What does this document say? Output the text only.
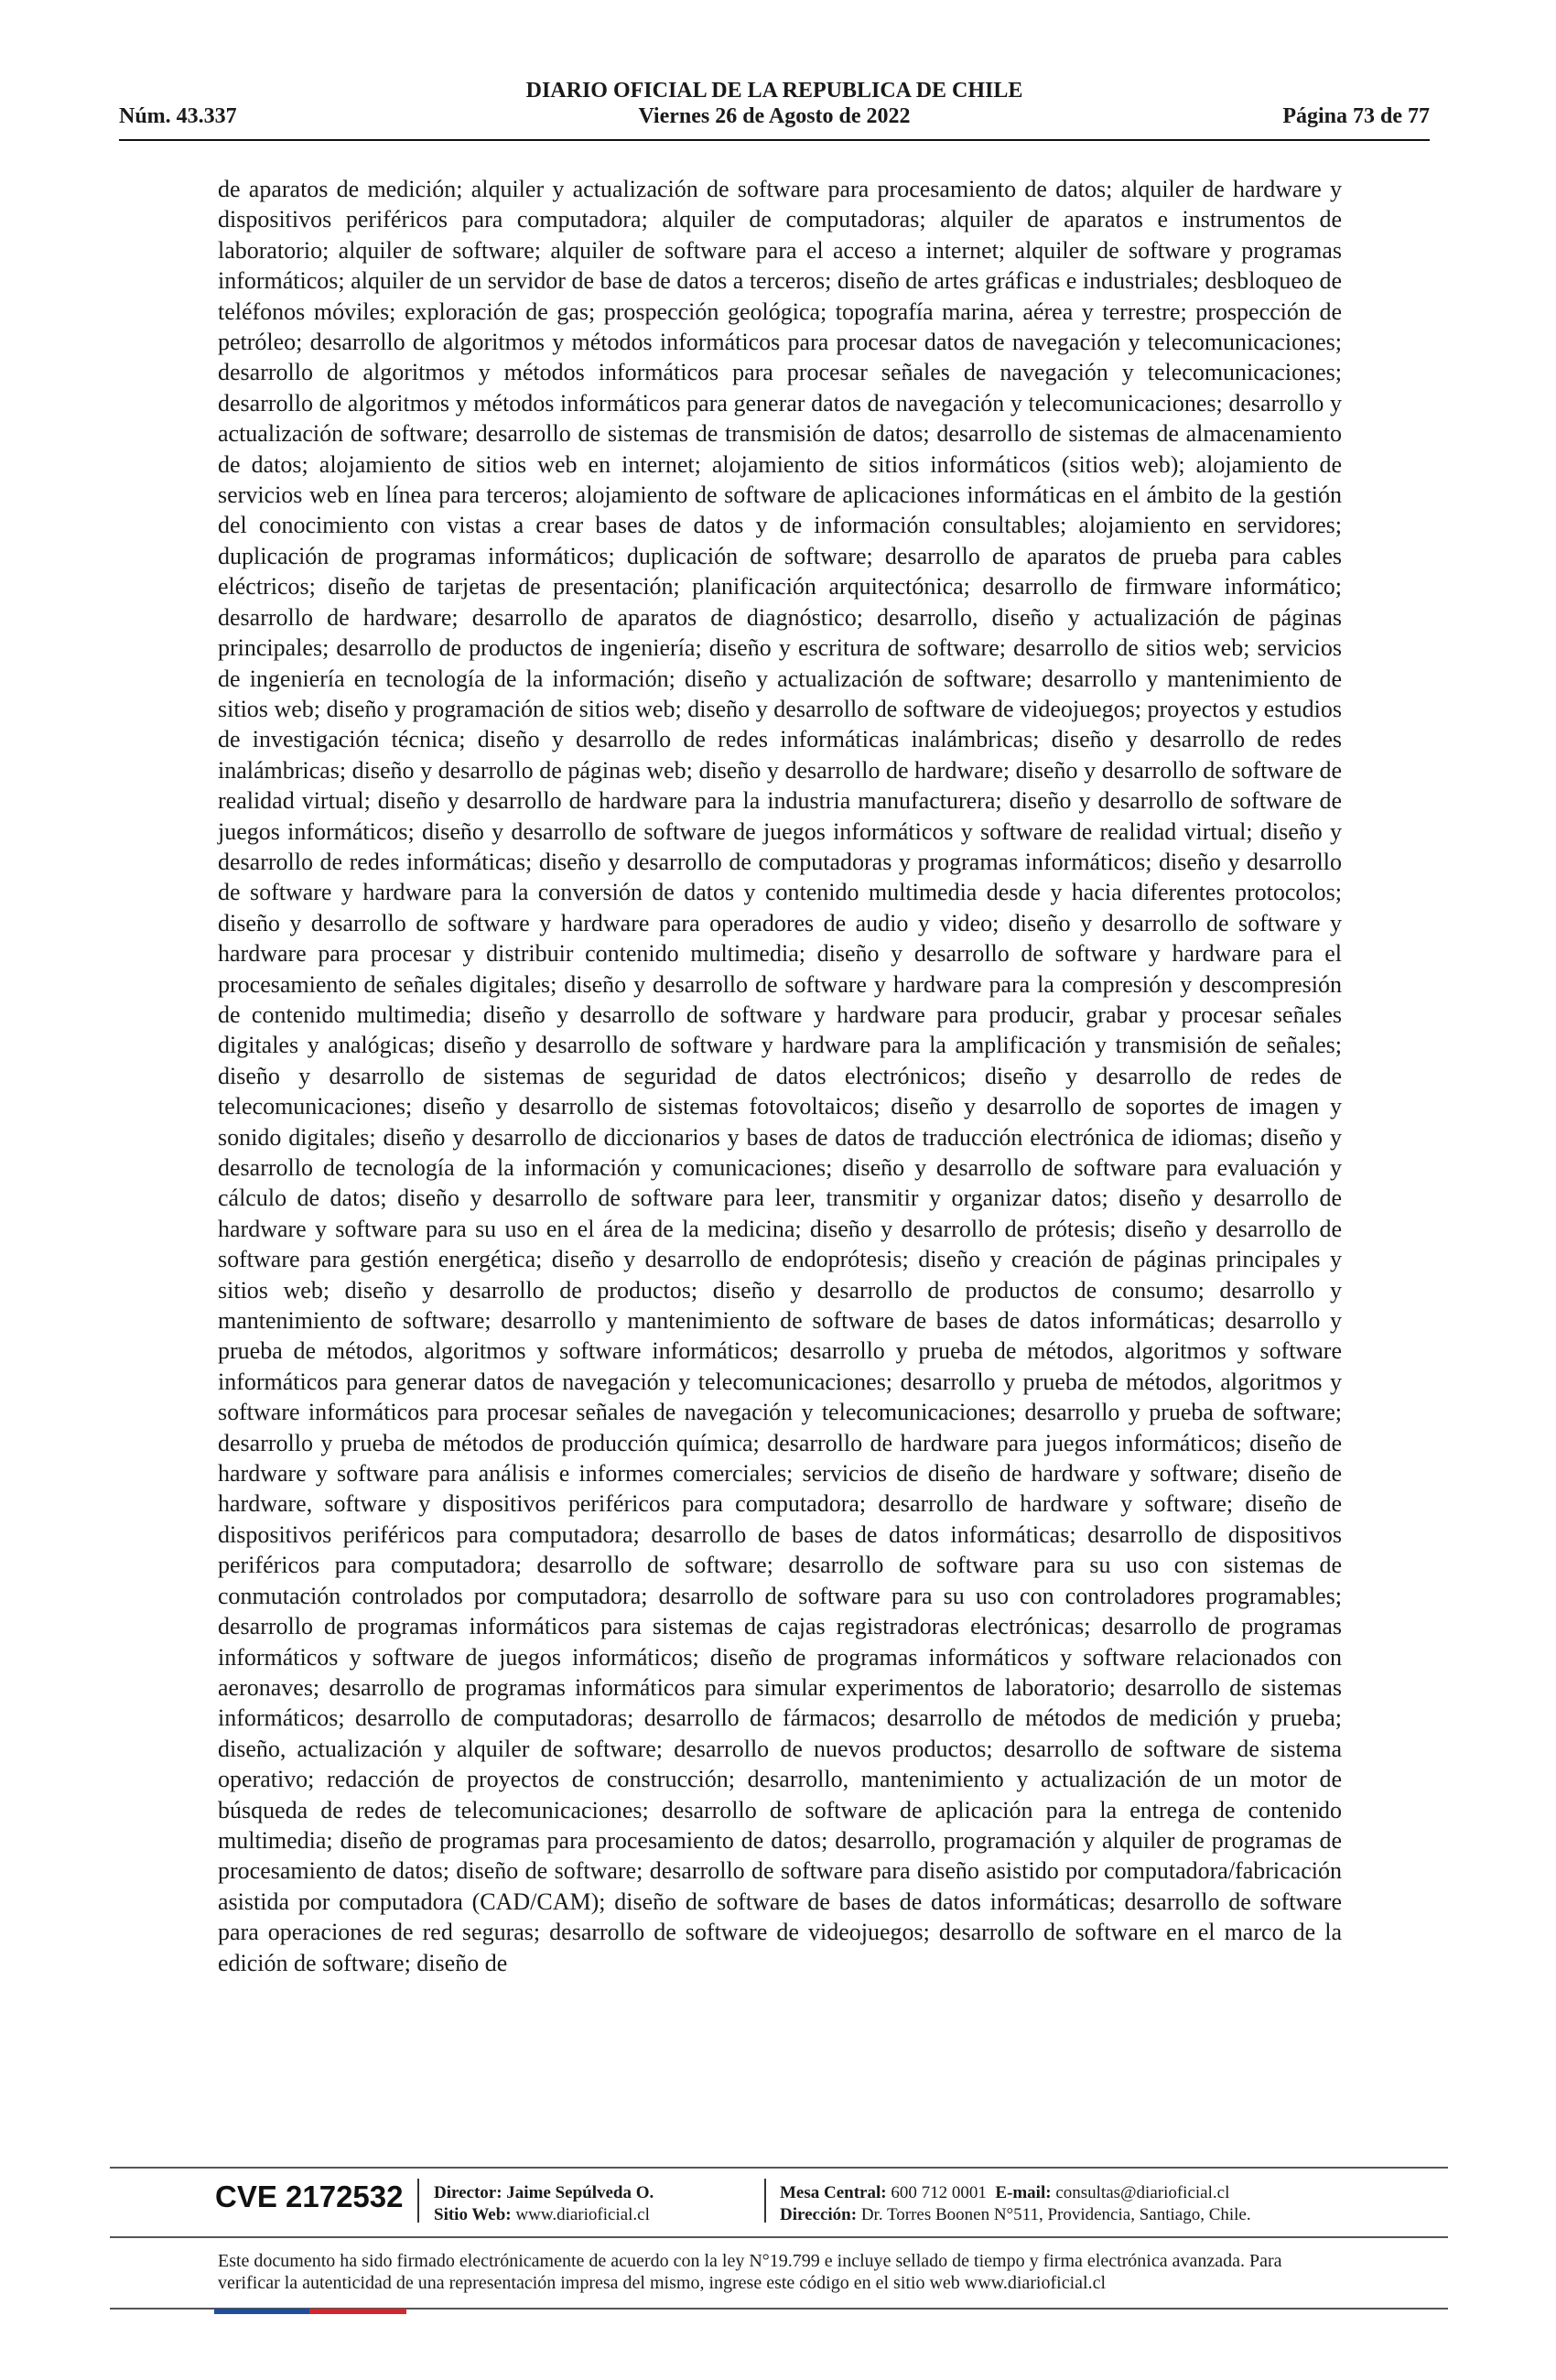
DIARIO OFICIAL DE LA REPUBLICA DE CHILE
Núm. 43.337	Viernes 26 de Agosto de 2022	Página 73 de 77
de aparatos de medición; alquiler y actualización de software para procesamiento de datos; alquiler de hardware y dispositivos periféricos para computadora; alquiler de computadoras; alquiler de aparatos e instrumentos de laboratorio; alquiler de software; alquiler de software para el acceso a internet; alquiler de software y programas informáticos; alquiler de un servidor de base de datos a terceros; diseño de artes gráficas e industriales; desbloqueo de teléfonos móviles; exploración de gas; prospección geológica; topografía marina, aérea y terrestre; prospección de petróleo; desarrollo de algoritmos y métodos informáticos para procesar datos de navegación y telecomunicaciones; desarrollo de algoritmos y métodos informáticos para procesar señales de navegación y telecomunicaciones; desarrollo de algoritmos y métodos informáticos para generar datos de navegación y telecomunicaciones; desarrollo y actualización de software; desarrollo de sistemas de transmisión de datos; desarrollo de sistemas de almacenamiento de datos; alojamiento de sitios web en internet; alojamiento de sitios informáticos (sitios web); alojamiento de servicios web en línea para terceros; alojamiento de software de aplicaciones informáticas en el ámbito de la gestión del conocimiento con vistas a crear bases de datos y de información consultables; alojamiento en servidores; duplicación de programas informáticos; duplicación de software; desarrollo de aparatos de prueba para cables eléctricos; diseño de tarjetas de presentación; planificación arquitectónica; desarrollo de firmware informático; desarrollo de hardware; desarrollo de aparatos de diagnóstico; desarrollo, diseño y actualización de páginas principales; desarrollo de productos de ingeniería; diseño y escritura de software; desarrollo de sitios web; servicios de ingeniería en tecnología de la información; diseño y actualización de software; desarrollo y mantenimiento de sitios web; diseño y programación de sitios web; diseño y desarrollo de software de videojuegos; proyectos y estudios de investigación técnica; diseño y desarrollo de redes informáticas inalámbricas; diseño y desarrollo de redes inalámbricas; diseño y desarrollo de páginas web; diseño y desarrollo de hardware; diseño y desarrollo de software de realidad virtual; diseño y desarrollo de hardware para la industria manufacturera; diseño y desarrollo de software de juegos informáticos; diseño y desarrollo de software de juegos informáticos y software de realidad virtual; diseño y desarrollo de redes informáticas; diseño y desarrollo de computadoras y programas informáticos; diseño y desarrollo de software y hardware para la conversión de datos y contenido multimedia desde y hacia diferentes protocolos; diseño y desarrollo de software y hardware para operadores de audio y video; diseño y desarrollo de software y hardware para procesar y distribuir contenido multimedia; diseño y desarrollo de software y hardware para el procesamiento de señales digitales; diseño y desarrollo de software y hardware para la compresión y descompresión de contenido multimedia; diseño y desarrollo de software y hardware para producir, grabar y procesar señales digitales y analógicas; diseño y desarrollo de software y hardware para la amplificación y transmisión de señales; diseño y desarrollo de sistemas de seguridad de datos electrónicos; diseño y desarrollo de redes de telecomunicaciones; diseño y desarrollo de sistemas fotovoltaicos; diseño y desarrollo de soportes de imagen y sonido digitales; diseño y desarrollo de diccionarios y bases de datos de traducción electrónica de idiomas; diseño y desarrollo de tecnología de la información y comunicaciones; diseño y desarrollo de software para evaluación y cálculo de datos; diseño y desarrollo de software para leer, transmitir y organizar datos; diseño y desarrollo de hardware y software para su uso en el área de la medicina; diseño y desarrollo de prótesis; diseño y desarrollo de software para gestión energética; diseño y desarrollo de endoprótesis; diseño y creación de páginas principales y sitios web; diseño y desarrollo de productos; diseño y desarrollo de productos de consumo; desarrollo y mantenimiento de software; desarrollo y mantenimiento de software de bases de datos informáticas; desarrollo y prueba de métodos, algoritmos y software informáticos; desarrollo y prueba de métodos, algoritmos y software informáticos para generar datos de navegación y telecomunicaciones; desarrollo y prueba de métodos, algoritmos y software informáticos para procesar señales de navegación y telecomunicaciones; desarrollo y prueba de software; desarrollo y prueba de métodos de producción química; desarrollo de hardware para juegos informáticos; diseño de hardware y software para análisis e informes comerciales; servicios de diseño de hardware y software; diseño de hardware, software y dispositivos periféricos para computadora; desarrollo de hardware y software; diseño de dispositivos periféricos para computadora; desarrollo de bases de datos informáticas; desarrollo de dispositivos periféricos para computadora; desarrollo de software; desarrollo de software para su uso con sistemas de conmutación controlados por computadora; desarrollo de software para su uso con controladores programables; desarrollo de programas informáticos para sistemas de cajas registradoras electrónicas; desarrollo de programas informáticos y software de juegos informáticos; diseño de programas informáticos y software relacionados con aeronaves; desarrollo de programas informáticos para simular experimentos de laboratorio; desarrollo de sistemas informáticos; desarrollo de computadoras; desarrollo de fármacos; desarrollo de métodos de medición y prueba; diseño, actualización y alquiler de software; desarrollo de nuevos productos; desarrollo de software de sistema operativo; redacción de proyectos de construcción; desarrollo, mantenimiento y actualización de un motor de búsqueda de redes de telecomunicaciones; desarrollo de software de aplicación para la entrega de contenido multimedia; diseño de programas para procesamiento de datos; desarrollo, programación y alquiler de programas de procesamiento de datos; diseño de software; desarrollo de software para diseño asistido por computadora/fabricación asistida por computadora (CAD/CAM); diseño de software de bases de datos informáticas; desarrollo de software para operaciones de red seguras; desarrollo de software de videojuegos; desarrollo de software en el marco de la edición de software; diseño de
CVE 2172532 Director: Jaime Sepúlveda O.
Sitio Web: www.diarioficial.cl
Mesa Central: 600 712 0001 E-mail: consultas@diarioficial.cl
Dirección: Dr. Torres Boonen N°511, Providencia, Santiago, Chile.
Este documento ha sido firmado electrónicamente de acuerdo con la ley N°19.799 e incluye sellado de tiempo y firma electrónica avanzada. Para verificar la autenticidad de una representación impresa del mismo, ingrese este código en el sitio web www.diarioficial.cl
